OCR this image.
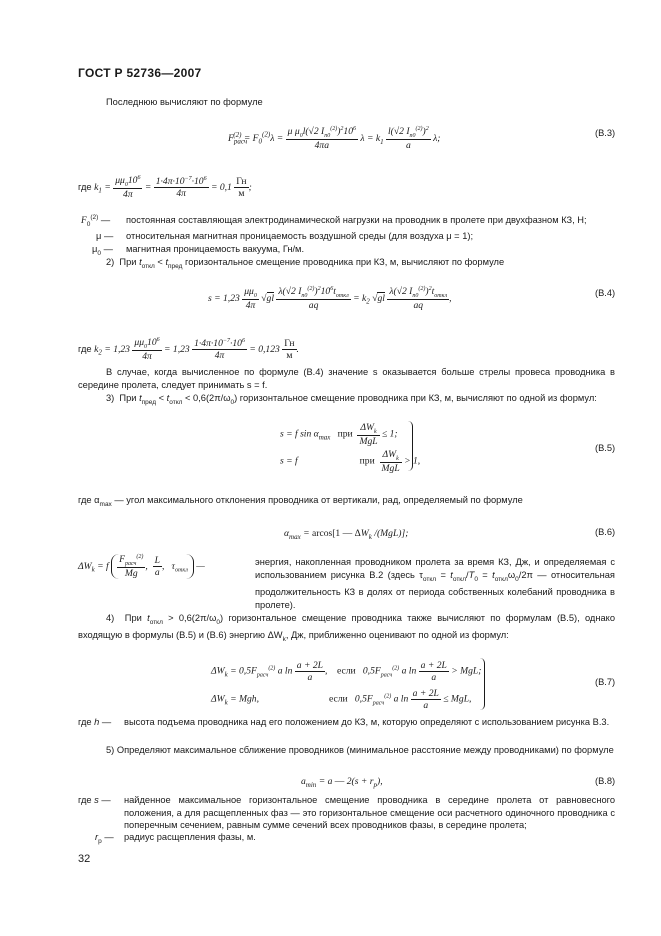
ГОСТ Р 52736—2007
Последнюю вычисляют по формуле
$F_{расч}^{(2)} = F_0^{(2)}\lambda = \frac{\mu \mu_0l(√2 I_{п0}^{(2)})^210^6}{4\pi a}$ $\lambda = k_1 \frac{l(√2 I_{п0}^{(2)})^2}{a} \lambda$;	(В.3)
где $k_1 = \frac{\mu\mu_010^6}{4\pi} = \frac{1\cdot 4\pi\cdot 10^{-7}\cdot 10^6}{4\pi} = 0,1 \frac{Гн}{м}$ ;
$F_0^{(2)}$ — постоянная составляющая электродинамической нагрузки на проводник в пролете при двухфазном КЗ, Н;
μ — относительная магнитная проницаемость воздушной среды (для воздуха μ = 1);
$\mu_0$ — магнитная проницаемость вакуума, Гн/м.
2)  При $t_{откл} < t_{пред}$ горизонтальное смещение проводника при КЗ, м, вычисляют по формуле
$s = 1,23 \frac{\mu\mu_0}{4\pi} √gl \frac{\lambda(√2 I_{п0}^{(2)})^210^6t_{откл}}{aq} = k_2$ $√gl \frac{\lambda(√2 I_{п0}^{(2)})^2t_{откл}}{aq}$ ,	(В.4)
где $k_2 = 1,23 \frac{\mu\mu_010^6}{4\pi} = 1,23 \frac{1\cdot 4\pi\cdot 10^{-7}\cdot 10^6}{4\pi} = 0,123 \frac{Гн}{м}$ .
В случае, когда вычисленное по формуле (В.4) значение s оказывается больше стрелы провеса проводника в середине пролета, следует принимать s = f.
3)  При $t_{пред} < t_{откл} < 0,6(2\pi/\omega_0)$ горизонтальное смещение проводника при КЗ, м, вычисляют по одной из формул:
s = f $\sin \alpha_{max}$ при $\frac{\Delta W_k}{\text{MgL}} \le 1$;
s = f	при $\frac{\Delta W_k}{\text{MgL}} > 1$,
(В.5)
где $\alpha_{max}$ — угол максимального отклонения проводника от вертикали, рад, определяемый по формуле
$\alpha_{max} = arcos[1$ — $\Delta W_k$ /(MgL)];	(В.6)
$\Delta W_k = f \frac{F_{расч}^{(2)}}{Mg}$ , $\frac{L}{a}$ ,   $\tau_{откл}$ —	энергия, накопленная проводником пролета за время КЗ, Дж, и определяемая с использованием рисунка В.2 (здесь $\tau_{откл} = t_{откл}/T_0 = t_{откл}\omega_0/2\pi$ — относительная продолжительность КЗ в долях от периода собственных колебаний проводника в пролете).
4)  При $t_{откл} > 0,6(2\pi/\omega_0)$ горизонтальное смещение проводника также вычисляют по формулам (В.5), однако входящую в формулы (В.5) и (В.6) энергию $\Delta W_k$, Дж, приближенно оценивают по одной из формул:
$\Delta W_k = 0,5F_{расч}^{(2)}$ a $\ln \frac{a + 2L}{a}$ ,    если   $0,5F_{расч}^{(2)}$ a $\ln \frac{a + 2L}{a}$ > MgL;
$\Delta W_k$ = Mgh,	если   $0,5F_{расч}^{(2)}$ a $\ln \frac{a + 2L}{a}$ ≤ MgL,
(В.7)
где h — высота подъема проводника над его положением до КЗ, м, которую определяют с использованием рисунка В.3.
5) Определяют максимальное сближение проводников (минимальное расстояние между проводниками) по формуле
$a_{min} = a$ — $2(s + r_р)$,	(В.8)
где s — найденное максимальное горизонтальное смещение проводника в середине пролета от равновесного положения, а для расщепленных фаз — это горизонтальное смещение оси расчетного одиночного проводника с поперечным сечением, равным сумме сечений всех проводников фазы, в середине пролета;
$r_р$ — радиус расщепления фазы, м.
32
